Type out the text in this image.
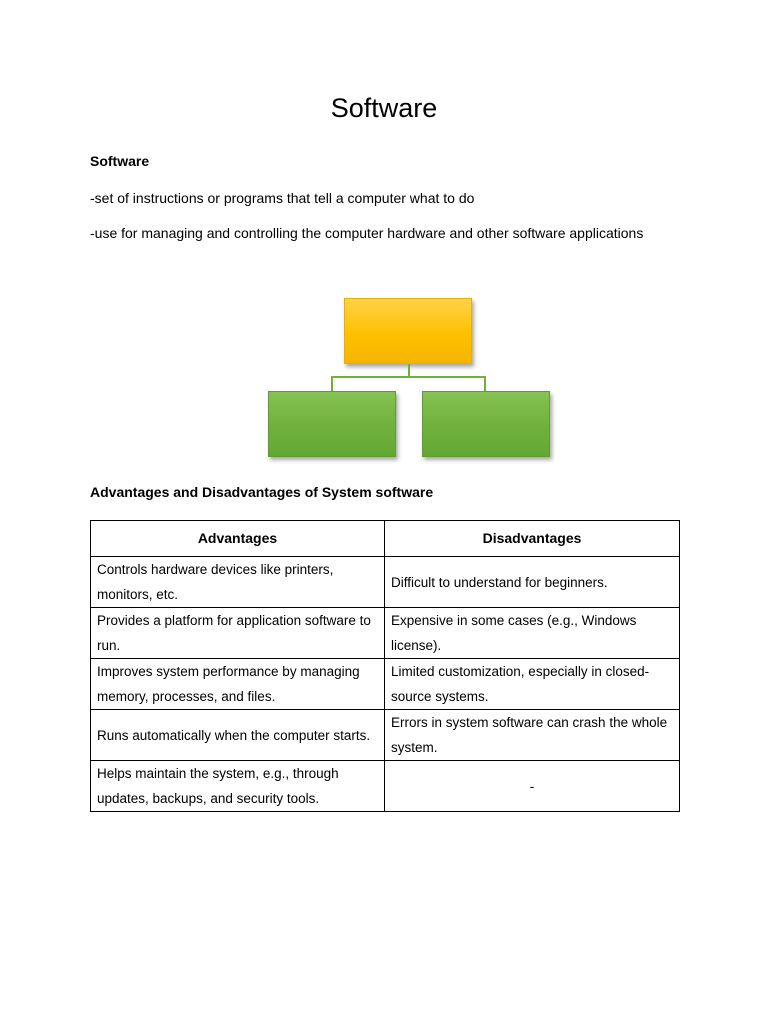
Software
Software
-set of instructions or programs that tell a computer what to do
-use for managing and controlling the computer hardware and other software applications
Advantages and Disadvantages of System software
Advantages	Disadvantages
Controls hardware devices like printers, monitors, etc.	Difficult to understand for beginners.
Provides a platform for application software to run.	Expensive in some cases (e.g., Windows license).
Improves system performance by managing memory, processes, and files.	Limited customization, especially in closed-source systems.
Runs automatically when the computer starts.	Errors in system software can crash the whole system.
Helps maintain the system, e.g., through updates, backups, and security tools.	-
